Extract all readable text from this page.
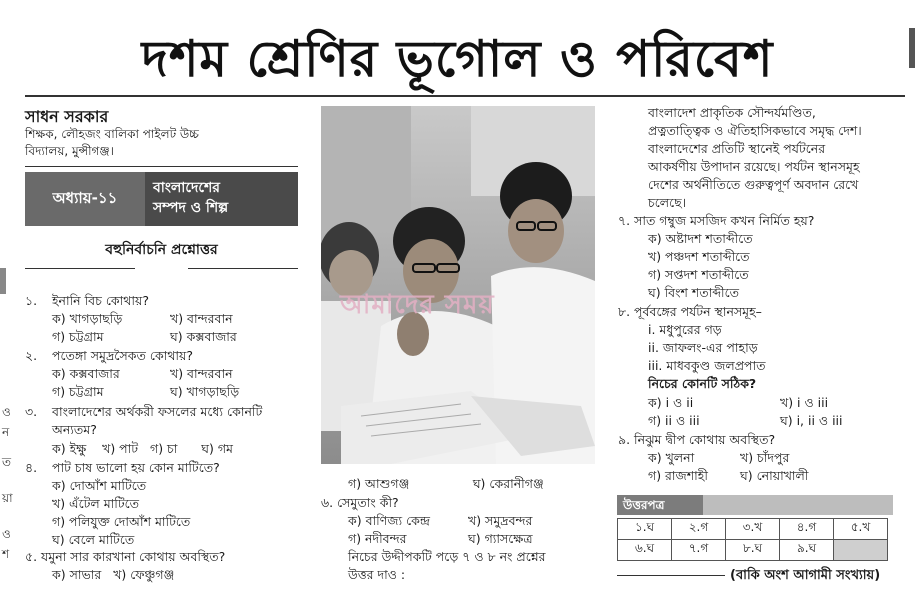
দশম শ্রেণির ভূগোল ও পরিবেশ
ও
ন
ত
য়া
ও
শ
সাধন সরকার
শিক্ষক, লৌহজং বালিকা পাইলট উচ্চ
বিদ্যালয়, মুন্সীগঞ্জ।
অধ্যায়-১১
বাংলাদেশের
সম্পদ ও শিল্প
বহুনির্বাচনি প্রশ্নোত্তর
১. ইনানি বিচ কোথায়?
ক) খাগড়াছড়ি	খ) বান্দরবান
গ) চট্টগ্রাম	ঘ) কক্সবাজার
২. পতেঙ্গা সমুদ্রসৈকত কোথায়?
ক) কক্সবাজার	খ) বান্দরবান
গ) চট্টগ্রাম	ঘ) খাগড়াছড়ি
৩. বাংলাদেশের অর্থকরী ফসলের মধ্যে কোনটি
অন্যতম?
ক) ইক্ষু    খ) পাট   গ) চা      ঘ) গম
৪. পাট চাষ ভালো হয় কোন মাটিতে?
ক) দোআঁশ মাটিতে
খ) এঁটেল মাটিতে
গ) পলিযুক্ত দোআঁশ মাটিতে
ঘ) বেলে মাটিতে
৫. যমুনা সার কারখানা কোথায় অবস্থিত?
ক) সাভার   খ) ফেঞ্চুগঞ্জ
আমাদের সময়
গ) আশুগঞ্জ                ঘ) কেরানীগঞ্জ
৬. সেমুতাং কী?
ক) বাণিজ্য কেন্দ্র	খ) সমুদ্রবন্দর
গ) নদীবন্দর	ঘ) গ্যাসক্ষেত্র
নিচের উদ্দীপকটি পড়ে ৭ ও ৮ নং প্রশ্নের
উত্তর দাও :
বাংলাদেশ প্রাকৃতিক সৌন্দর্যমণ্ডিত,
প্রত্নতাত্ত্বিক ও ঐতিহাসিকভাবে সমৃদ্ধ দেশ।
বাংলাদেশের প্রতিটি স্থানেই পর্যটনের
আকর্ষণীয় উপাদান রয়েছে। পর্যটন স্থানসমূহ
দেশের অর্থনীতিতে গুরুত্বপূর্ণ অবদান রেখে
চলেছে।
৭. সাত গম্বুজ মসজিদ কখন নির্মিত হয়?
ক) অষ্টাদশ শতাব্দীতে
খ) পঞ্চদশ শতাব্দীতে
গ) সপ্তদশ শতাব্দীতে
ঘ) বিংশ শতাব্দীতে
৮. পূর্ববঙ্গের পর্যটন স্থানসমূহ–
i. মধুপুরের গড়
ii. জাফলং-এর পাহাড়
iii. মাধবকুণ্ড জলপ্রপাত
নিচের কোনটি সঠিক?
ক) i ও ii	খ) i ও iii
গ) ii ও iii	ঘ) i, ii ও iii
৯. নিঝুম দ্বীপ কোথায় অবস্থিত?
ক) খুলনা	খ) চাঁদপুর
গ) রাজশাহী	ঘ) নোয়াখালী
উত্তরপত্র
১.ঘ	২.গ	৩.খ	৪.গ	৫.খ
৬.ঘ	৭.গ	৮.ঘ	৯.ঘ	
(বাকি অংশ আগামী সংখ্যায়)
